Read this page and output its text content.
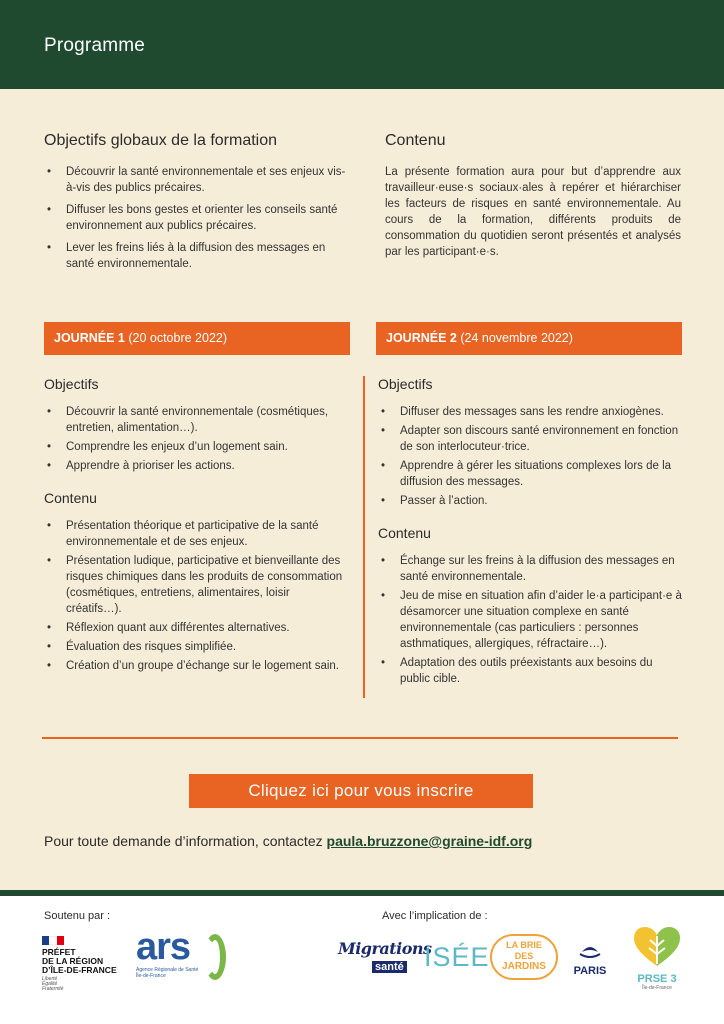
Programme
Objectifs globaux de la formation
• Découvrir la santé environnementale et ses enjeux vis-à-vis des publics précaires.
• Diffuser les bons gestes et orienter les conseils santé environnement aux publics précaires.
• Lever les freins liés à la diffusion des messages en santé environnementale.
Contenu
La présente formation aura pour but d’apprendre aux travailleur·euse·s sociaux·ales à repérer et hiérarchiser les facteurs de risques en santé environnementale. Au cours de la formation, différents produits de consommation du quotidien seront présentés et analysés par les participant·e·s.
JOURNÉE 1 (20 octobre 2022)	JOURNÉE 2 (24 novembre 2022)
Objectifs
• Découvrir la santé environnementale (cosmétiques, entretien, alimentation…).
• Comprendre les enjeux d’un logement sain.
• Apprendre à prioriser les actions.
Contenu
• Présentation théorique et participative de la santé environnementale et de ses enjeux.
• Présentation ludique, participative et bienveillante des risques chimiques dans les produits de consommation (cosmétiques, entretiens, alimentaires, loisir créatifs…).
• Réflexion quant aux différentes alternatives.
• Évaluation des risques simplifiée.
• Création d’un groupe d’échange sur le logement sain.
Objectifs
• Diffuser des messages sans les rendre anxiogènes.
• Adapter son discours santé environnement en fonction de son interlocuteur·trice.
• Apprendre à gérer les situations complexes lors de la diffusion des messages.
• Passer à l’action.
Contenu
• Échange sur les freins à la diffusion des messages en santé environnementale.
• Jeu de mise en situation afin d’aider le·a participant·e à désamorcer une situation complexe en santé environnementale (cas particuliers : personnes asthmatiques, allergiques, réfractaire…).
• Adaptation des outils préexistants aux besoins du public cible.
Cliquez ici pour vous inscrire
Pour toute demande d’information, contactez paula.bruzzone@graine-idf.org
Soutenu par :	Avec l’implication de :
PRÉFET
DE LA RÉGION
D’ÎLE-DE-FRANCE
Liberté
Égalité
Fraternité
ars
Agence Régionale de Santé
Île-de-France
Migrations
santé ISÉE	LA BRIE
DES
JARDINS	PARIS
PRSE 3
Île-de-France
